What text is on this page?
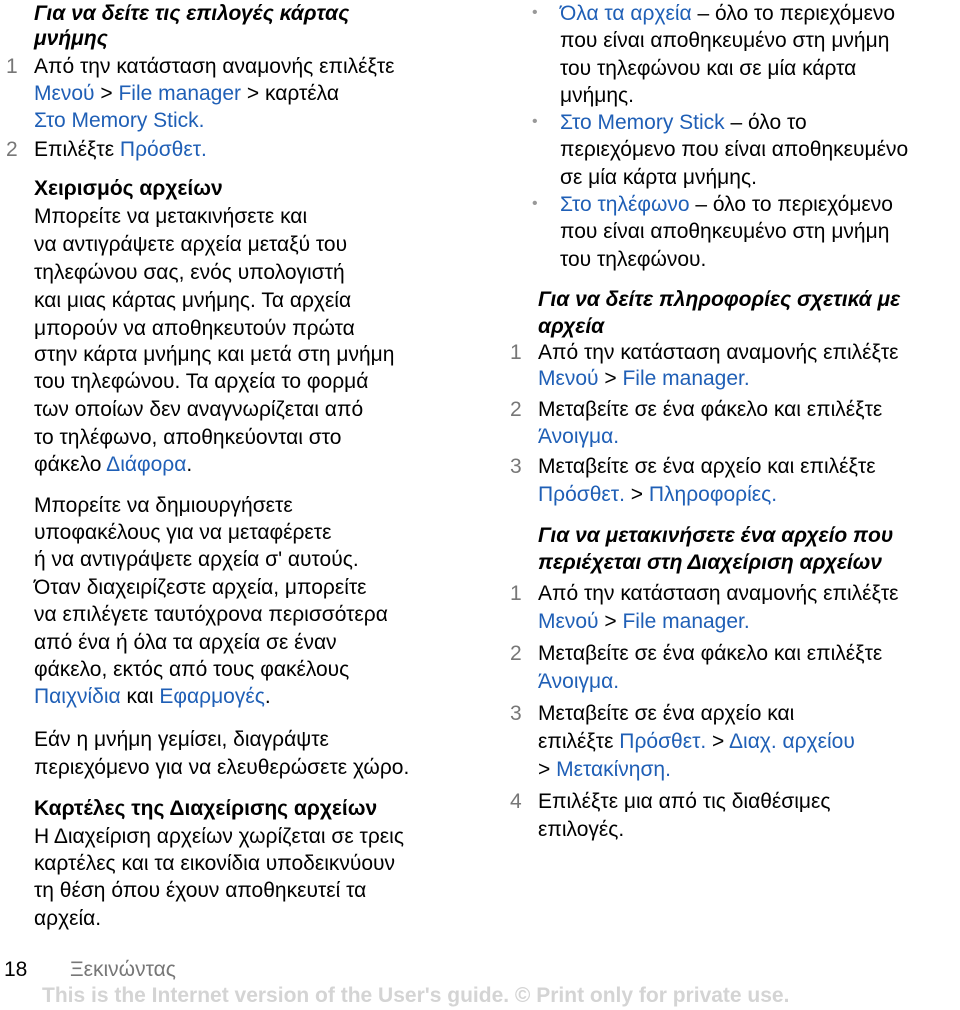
Για να δείτε τις επιλογές κάρτας
μνήμης
1 Από την κατάσταση αναμονής επιλέξτε
Μενού > File manager > καρτέλα
Στο Memory Stick.
2 Επιλέξτε Πρόσθετ.
Χειρισμός αρχείων
Μπορείτε να μετακινήσετε και
να αντιγράψετε αρχεία μεταξύ του
τηλεφώνου σας, ενός υπολογιστή
και μιας κάρτας μνήμης. Τα αρχεία
μπορούν να αποθηκευτούν πρώτα
στην κάρτα μνήμης και μετά στη μνήμη
του τηλεφώνου. Τα αρχεία το φορμά
των οποίων δεν αναγνωρίζεται από
το τηλέφωνο, αποθηκεύονται στο
φάκελο Διάφορα.
Μπορείτε να δημιουργήσετε
υποφακέλους για να μεταφέρετε
ή να αντιγράψετε αρχεία σ' αυτούς.
Όταν διαχειρίζεστε αρχεία, μπορείτε
να επιλέγετε ταυτόχρονα περισσότερα
από ένα ή όλα τα αρχεία σε έναν
φάκελο, εκτός από τους φακέλους
Παιχνίδια και Εφαρμογές.
Εάν η μνήμη γεμίσει, διαγράψτε
περιεχόμενο για να ελευθερώσετε χώρο.
Καρτέλες της Διαχείρισης αρχείων
Η Διαχείριση αρχείων χωρίζεται σε τρεις
καρτέλες και τα εικονίδια υποδεικνύουν
τη θέση όπου έχουν αποθηκευτεί τα
αρχεία.
• Όλα τα αρχεία – όλο το περιεχόμενο
που είναι αποθηκευμένο στη μνήμη
του τηλεφώνου και σε μία κάρτα
μνήμης.
• Στο Memory Stick – όλο το
περιεχόμενο που είναι αποθηκευμένο
σε μία κάρτα μνήμης.
• Στο τηλέφωνο – όλο το περιεχόμενο
που είναι αποθηκευμένο στη μνήμη
του τηλεφώνου.
Για να δείτε πληροφορίες σχετικά με
αρχεία
1 Από την κατάσταση αναμονής επιλέξτε
Μενού > File manager.
2 Μεταβείτε σε ένα φάκελο και επιλέξτε
Άνοιγμα.
3 Μεταβείτε σε ένα αρχείο και επιλέξτε
Πρόσθετ. > Πληροφορίες.
Για να μετακινήσετε ένα αρχείο που
περιέχεται στη Διαχείριση αρχείων
1 Από την κατάσταση αναμονής επιλέξτε
Μενού > File manager.
2 Μεταβείτε σε ένα φάκελο και επιλέξτε
Άνοιγμα.
3 Μεταβείτε σε ένα αρχείο και
επιλέξτε Πρόσθετ. > Διαχ. αρχείου
> Μετακίνηση.
4 Επιλέξτε μια από τις διαθέσιμες
επιλογές.
18 Ξεκινώντας
This is the Internet version of the User's guide. © Print only for private use.
